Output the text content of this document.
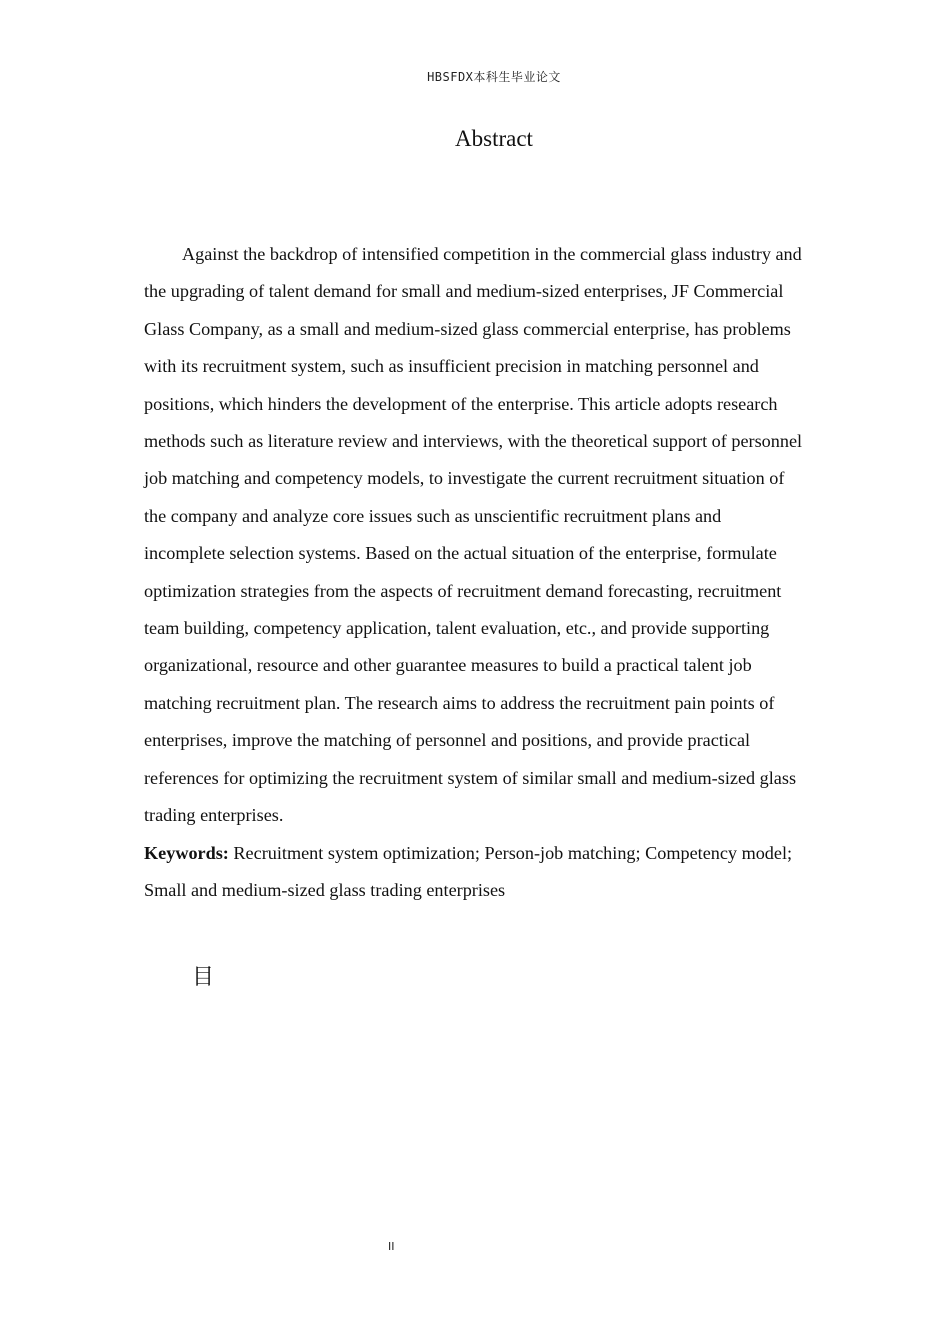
HBSFDX本科生毕业论文
Abstract

Against the backdrop of intensified competition in the commercial glass industry and the upgrading of talent demand for small and medium-sized enterprises, JF Commercial Glass Company, as a small and medium-sized glass commercial enterprise, has problems with its recruitment system, such as insufficient precision in matching personnel and positions, which hinders the development of the enterprise. This article adopts research methods such as literature review and interviews, with the theoretical support of personnel job matching and competency models, to investigate the current recruitment situation of the company and analyze core issues such as unscientific recruitment plans and incomplete selection systems. Based on the actual situation of the enterprise, formulate optimization strategies from the aspects of recruitment demand forecasting, recruitment team building, competency application, talent evaluation, etc., and provide supporting organizational, resource and other guarantee measures to build a practical talent job matching recruitment plan. The research aims to address the recruitment pain points of enterprises, improve the matching of personnel and positions, and provide practical references for optimizing the recruitment system of similar small and medium-sized glass trading enterprises.

Keywords: Recruitment system optimization; Person-job matching; Competency model; Small and medium-sized glass trading enterprises
目
II
